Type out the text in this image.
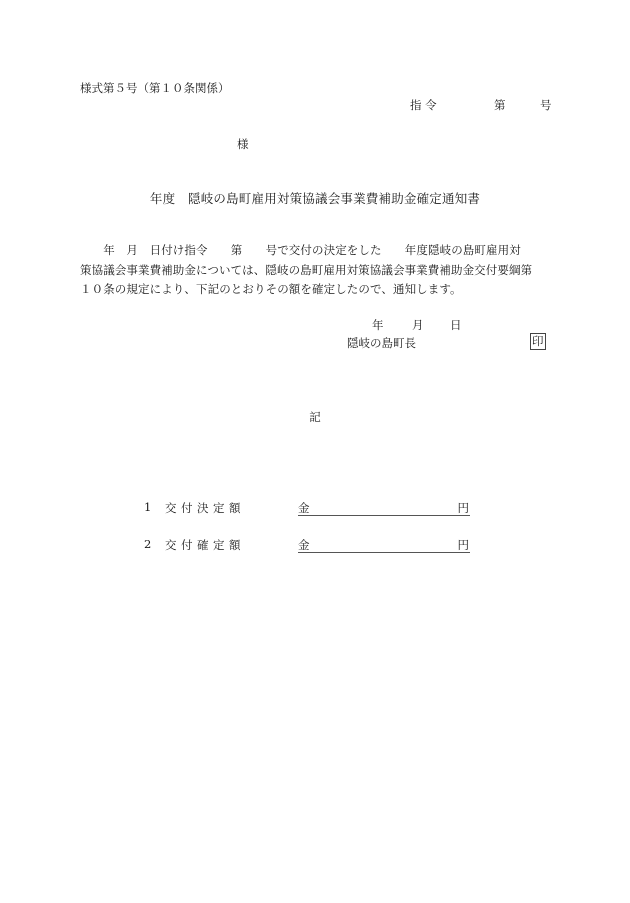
様式第５号（第１０条関係）
指 令	第	号
様
年度　隠岐の島町雇用対策協議会事業費補助金確定通知書
　　年　月　日付け指令　　第　　号で交付の決定をした　　年度隠岐の島町雇用対
策協議会事業費補助金については、隠岐の島町雇用対策協議会事業費補助金交付要綱第
１０条の規定により、下記のとおりその額を確定したので、通知します。
年 月 日
隠岐の島町長	印
記
1 交付決定額	金	円
2 交付確定額	金	円
